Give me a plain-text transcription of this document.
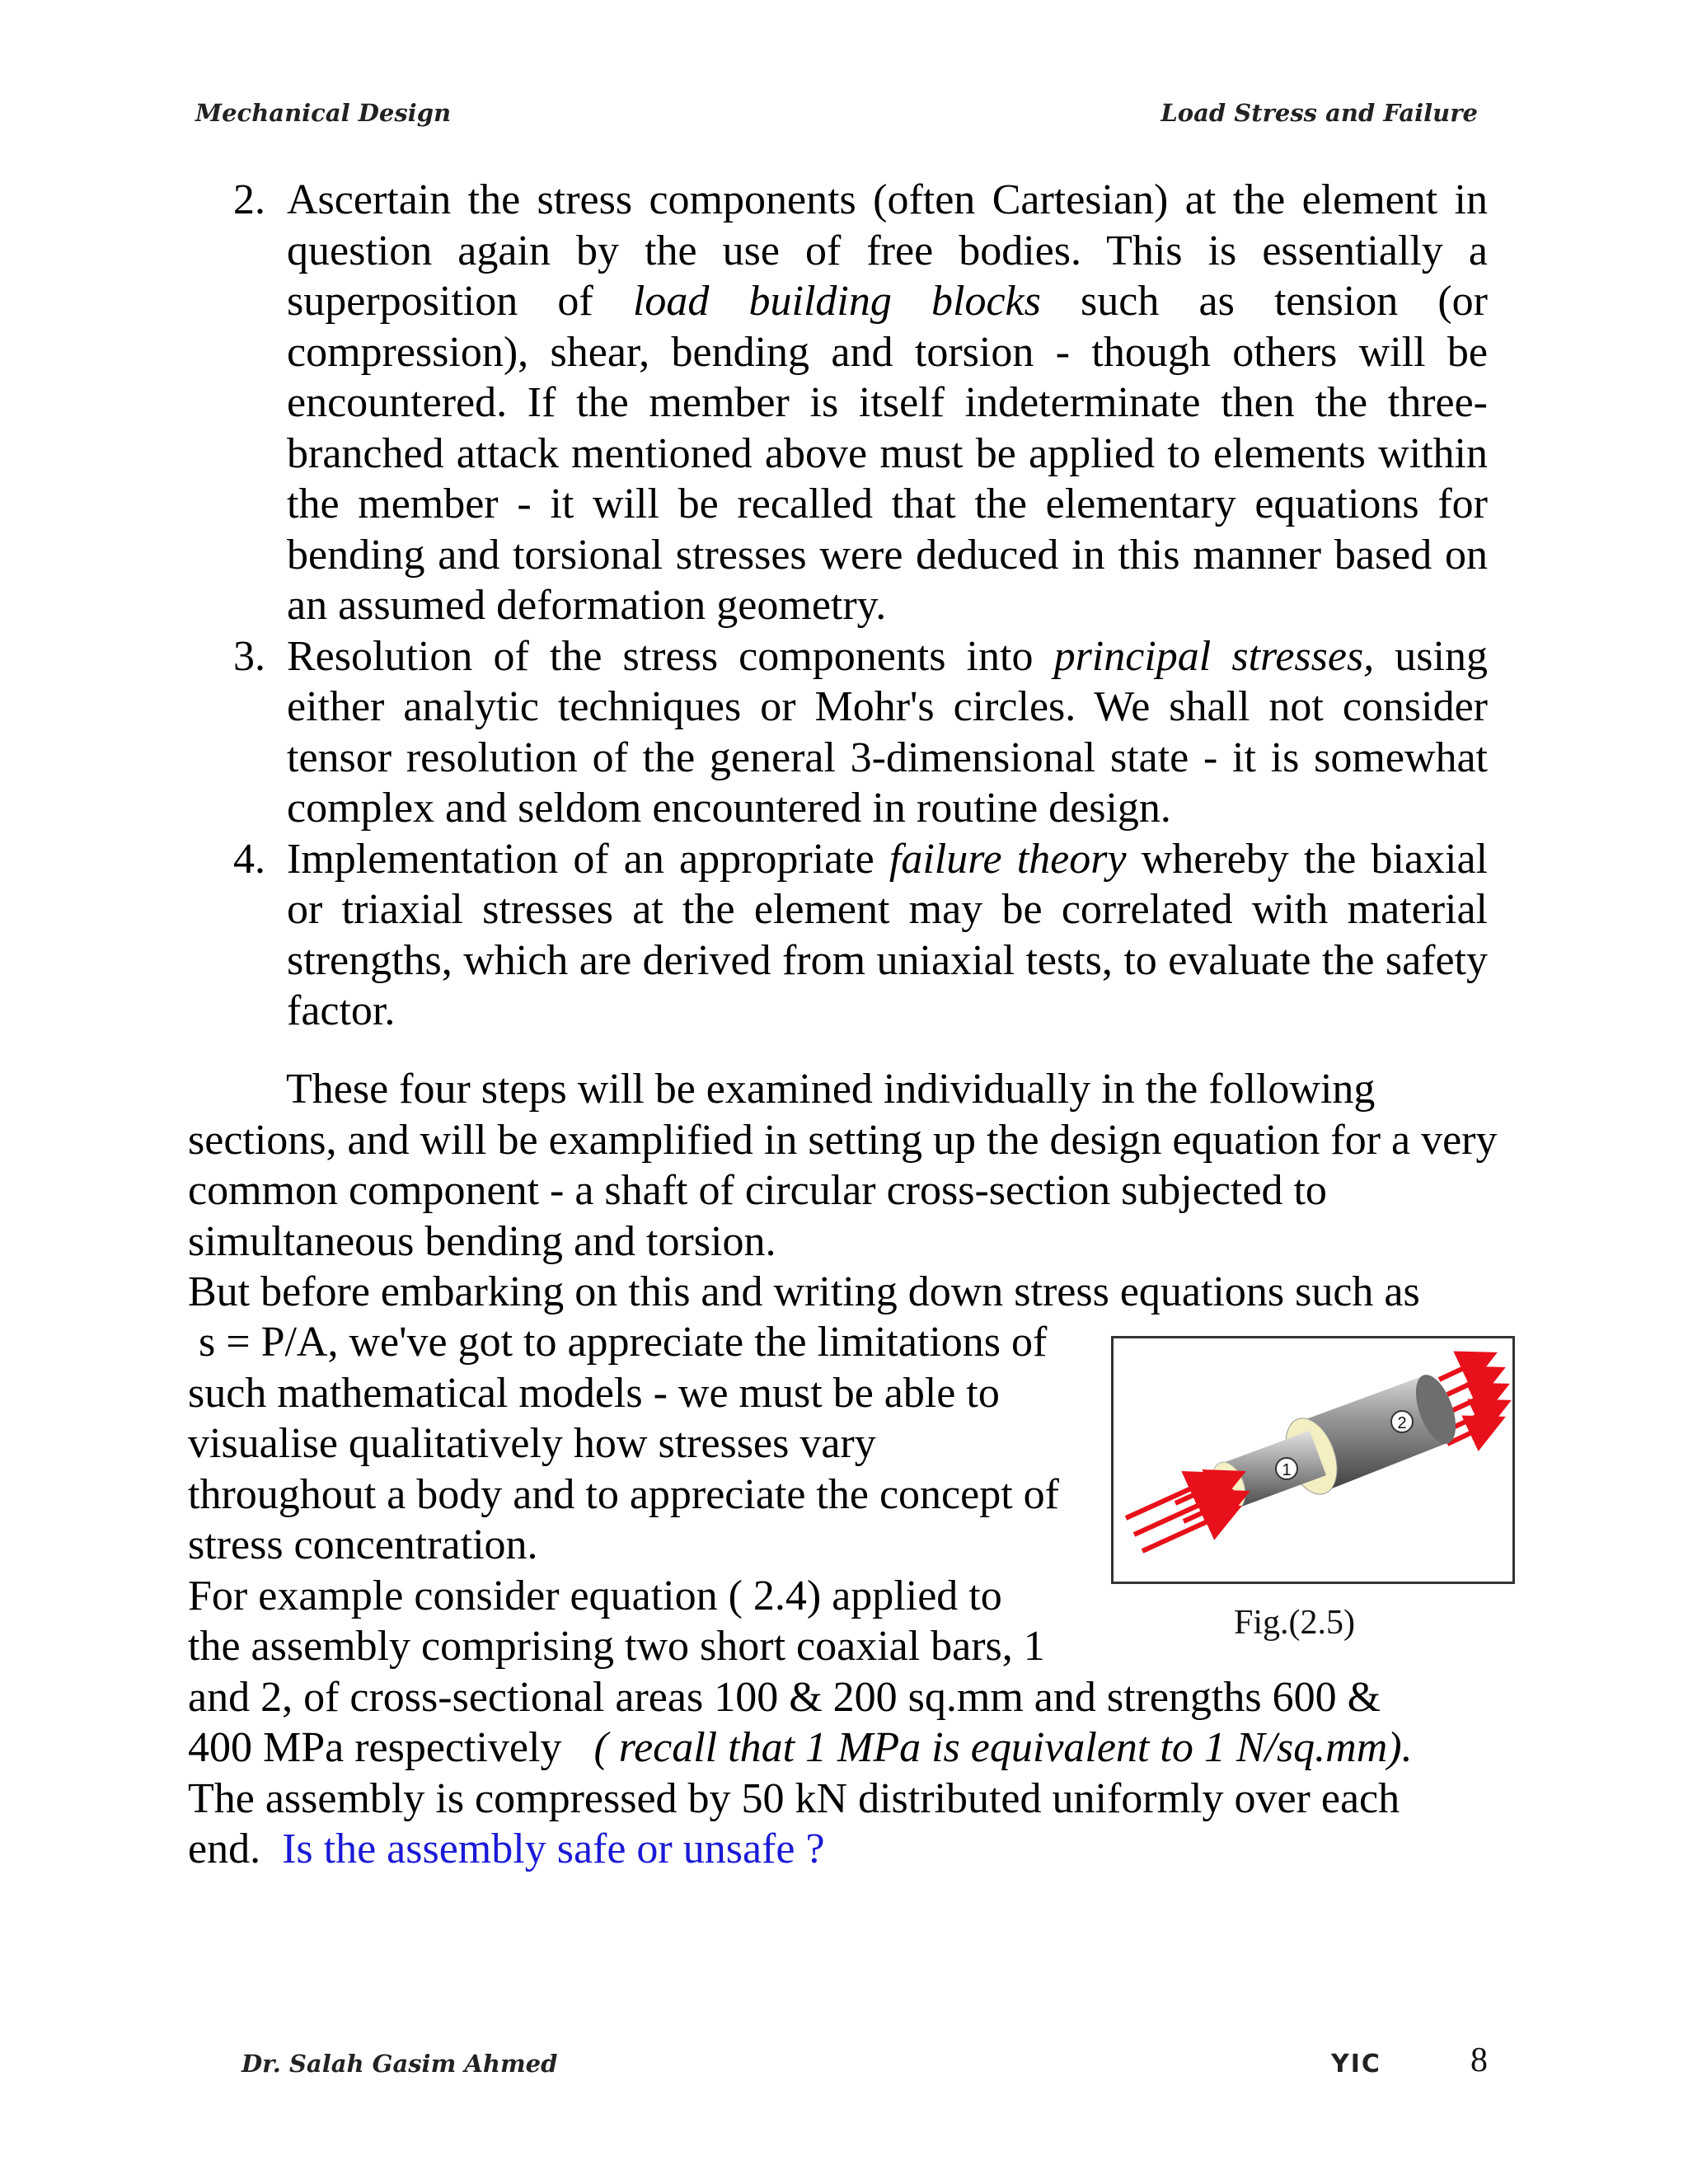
Mechanical Design	Load Stress and Failure
2. Ascertain the stress components (often Cartesian) at the element in question again by the use of free bodies. This is essentially a superposition of load building blocks such as tension (or compression), shear, bending and torsion - though others will be encountered. If the member is itself indeterminate then the three-branched attack mentioned above must be applied to elements within the member - it will be recalled that the elementary equations for bending and torsional stresses were deduced in this manner based on an assumed deformation geometry.
3. Resolution of the stress components into principal stresses, using either analytic techniques or Mohr's circles. We shall not consider tensor resolution of the general 3-dimensional state - it is somewhat complex and seldom encountered in routine design.
4. Implementation of an appropriate failure theory whereby the biaxial or triaxial stresses at the element may be correlated with material strengths, which are derived from uniaxial tests, to evaluate the safety factor.
These four steps will be examined individually in the following sections, and will be examplified in setting up the design equation for a very common component - a shaft of circular cross-section subjected to simultaneous bending and torsion.
But before embarking on this and writing down stress equations such as
s = P/A, we've got to appreciate the limitations of
such mathematical models - we must be able to
visualise qualitatively how stresses vary
throughout a body and to appreciate the concept of
stress concentration.
For example consider equation ( 2.4) applied to
the assembly comprising two short coaxial bars, 1
and 2, of cross-sectional areas 100 & 200 sq.mm and strengths 600 &
400 MPa respectively ( recall that 1 MPa is equivalent to 1 N/sq.mm).
The assembly is compressed by 50 kN distributed uniformly over each
end. Is the assembly safe or unsafe ?
1
2
Fig.(2.5)
Dr. Salah Gasim Ahmed	YIC	8
